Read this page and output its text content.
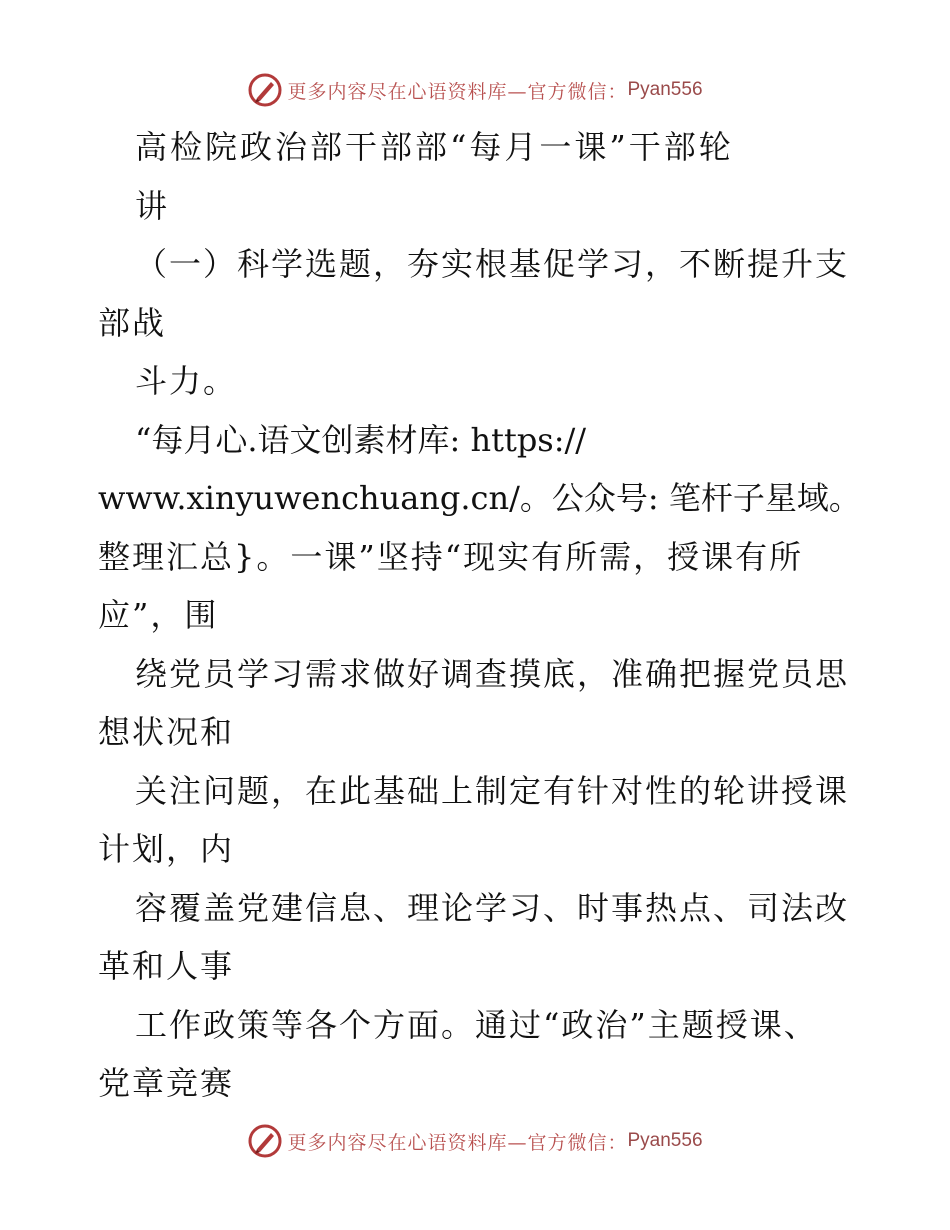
更多内容尽在心语资料库—官方微信： Pyan556
高检院政治部干部部“每月一课”干部轮
讲
（一）科学选题，夯实根基促学习，不断提升支
部战
斗力。
“每月心.语文创素材库: https://
www.xinyuwenchuang.cn/。公众号: 笔杆子星域。
整理汇总}。一课”坚持“现实有所需，授课有所
应”，围
绕党员学习需求做好调查摸底，准确把握党员思
想状况和
关注问题，在此基础上制定有针对性的轮讲授课
计划，内
容覆盖党建信息、理论学习、时事热点、司法改
革和人事
工作政策等各个方面。通过“政治”主题授课、
党章竞赛
更多内容尽在心语资料库—官方微信： Pyan556
